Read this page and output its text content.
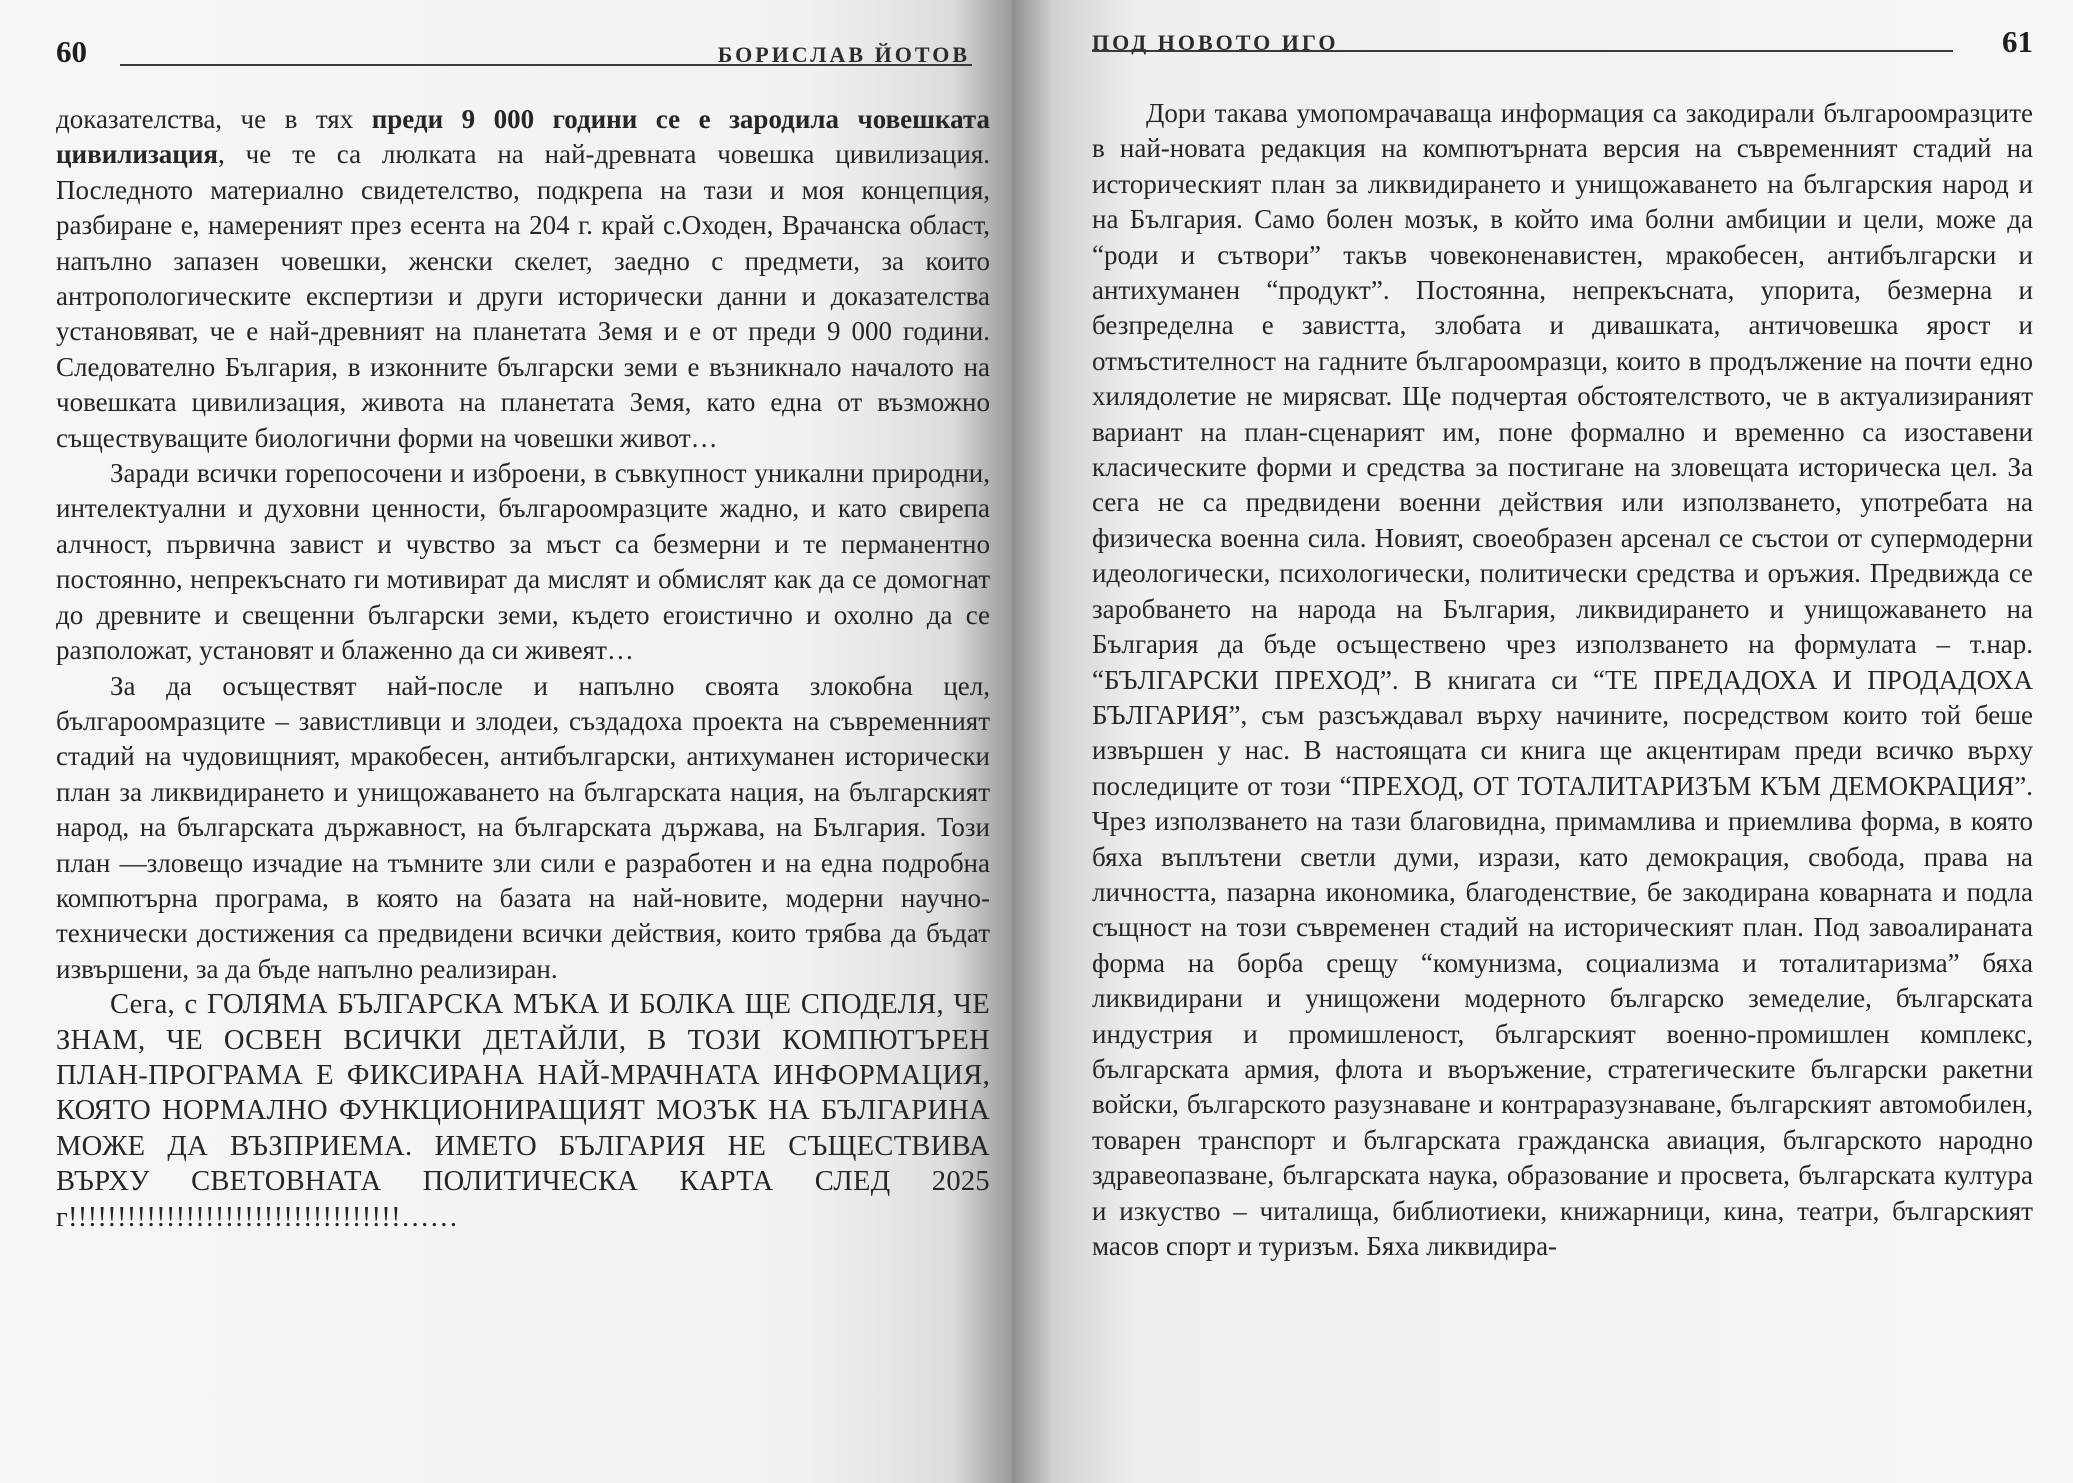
60	БОРИСЛАВ ЙОТОВ

доказателства, че в тях преди 9 000 години се е зародила човешката цивилизация, че те са люлката на най-древната човешка цивилизация. Последното материално свидетелство, подкрепа на тази и моя концепция, разбиране е, намереният през есента на 204 г. край с.Оходен, Врачанска област, напълно запазен човешки, женски скелет, заедно с предмети, за които антропологическите експертизи и други исторически данни и доказателства установяват, че е най-древният на планетата Земя и е от преди 9 000 години. Следователно България, в изконните български земи е възникнало началото на човешката цивилизация, живота на планетата Земя, като една от възможно съществуващите биологични форми на човешки живот…

Заради всички горепосочени и изброени, в съвкупност уникални природни, интелектуални и духовни ценности, българоомразците жадно, и като свирепа алчност, първична завист и чувство за мъст са безмерни и те перманентно постоянно, непрекъснато ги мотивират да мислят и обмислят как да се домогнат до древните и свещенни български земи, където егоистично и охолно да се разположат, установят и блаженно да си живеят…

За да осъществят най-после и напълно своята злокобна цел, българоомразците – завистливци и злодеи, създадоха проекта на съвременният стадий на чудовищният, мракобесен, антибългарски, антихуманен исторически план за ликвидирането и унищожаването на българската нация, на българският народ, на българската държавност, на българската държава, на България. Този план —зловещо изчадие на тъмните зли сили е разработен и на една подробна компютърна програма, в която на базата на най-новите, модерни научно-технически достижения са предвидени всички действия, които трябва да бъдат извършени, за да бъде напълно реализиран.

Сега, с ГОЛЯМА БЪЛГАРСКА МЪКА И БОЛКА ЩЕ СПОДЕЛЯ, ЧЕ ЗНАМ, ЧЕ ОСВЕН ВСИЧКИ ДЕТАЙЛИ, В ТОЗИ КОМПЮТЪРЕН ПЛАН-ПРОГРАМА Е ФИКСИРАНА НАЙ-МРАЧНАТА ИНФОРМАЦИЯ, КОЯТО НОРМАЛНО ФУНКЦИОНИРАЩИЯТ МОЗЪК НА БЪЛГАРИНА МОЖЕ ДА ВЪЗПРИЕМА. ИМЕТО БЪЛГАРИЯ НЕ СЪЩЕСТВИВА ВЪРХУ СВЕТОВНАТА ПОЛИТИЧЕСКА КАРТА СЛЕД 2025 г!!!!!!!!!!!!!!!!!!!!!!!!!!!!!!!!!!……

ПОД НОВОТО ИГО	61

Дори такава умопомрачаваща информация са закодирали българоомразците в най-новата редакция на компютърната версия на съвременният стадий на историческият план за ликвидирането и унищожаването на българския народ и на България. Само болен мозък, в който има болни амбиции и цели, може да “роди и сътвори” такъв човеконенавистен, мракобесен, антибългарски и антихуманен “продукт”. Постоянна, непрекъсната, упорита, безмерна и безпределна е завистта, злобата и дивашката, античовешка ярост и отмъстителност на гадните българоомразци, които в продължение на почти едно хилядолетие не мирясват. Ще подчертая обстоятелството, че в актуализираният вариант на план-сценарият им, поне формално и временно са изоставени класическите форми и средства за постигане на зловещата историческа цел. За сега не са предвидени военни действия или използването, употребата на физическа военна сила. Новият, своеобразен арсенал се състои от супермодерни идеологически, психологически, политически средства и оръжия. Предвижда се заробването на народа на България, ликвидирането и унищожаването на България да бъде осъществено чрез използването на формулата – т.нар. “БЪЛГАРСКИ ПРЕХОД”. В книгата си “ТЕ ПРЕДАДОХА И ПРОДАДОХА БЪЛГАРИЯ”, съм разсъждавал върху начините, посредством които той беше извършен у нас. В настоящата си книга ще акцентирам преди всичко върху последиците от този “ПРЕХОД, ОТ ТОТАЛИТАРИЗЪМ КЪМ ДЕМОКРАЦИЯ”. Чрез използването на тази благовидна, примамлива и приемлива форма, в която бяха въплътени светли думи, изрази, като демокрация, свобода, права на личността, пазарна икономика, благоденствие, бе закодирана коварната и подла същност на този съвременен стадий на историческият план. Под завоалираната форма на борба срещу “комунизма, социализма и тоталитаризма” бяха ликвидирани и унищожени модерното българско земеделие, българската индустрия и промишленост, българският военно-промишлен комплекс, българската армия, флота и въоръжение, стратегическите български ракетни войски, българското разузнаване и контраразузнаване, българският автомобилен, товарен транспорт и българската гражданска авиация, българското народно здравеопазване, българската наука, образование и просвета, българската култура и изкуство – читалища, библиотиеки, книжарници, кина, театри, българският масов спорт и туризъм. Бяха ликвидира-
